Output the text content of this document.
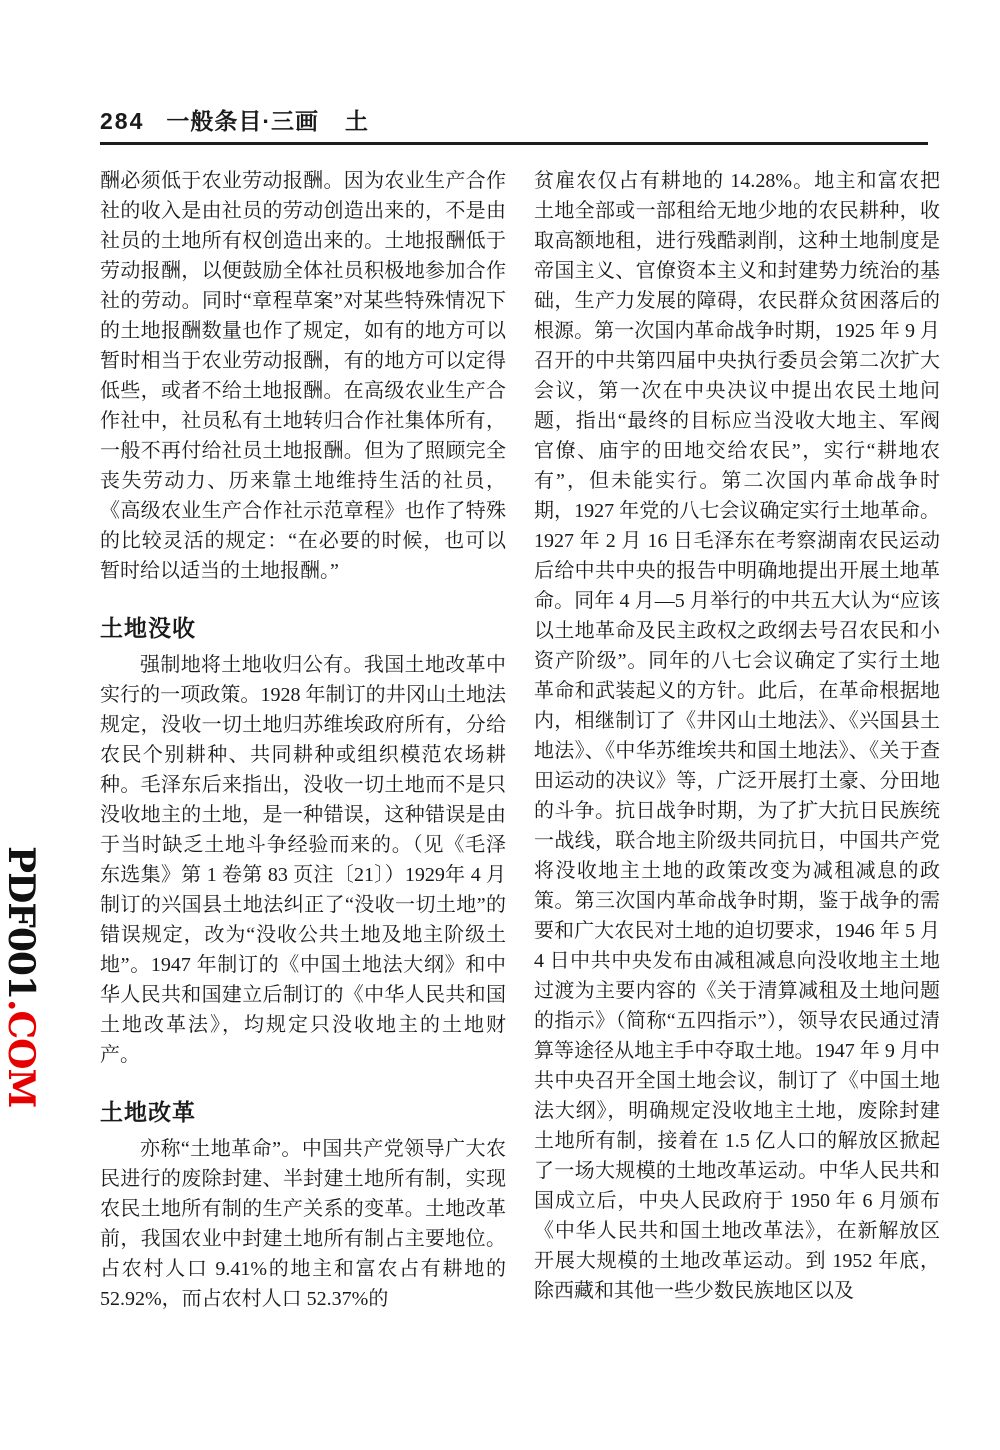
284 一般条目·三画 土

酬必须低于农业劳动报酬。因为农业生产合作社的收入是由社员的劳动创造出来的，不是由社员的土地所有权创造出来的。土地报酬低于劳动报酬，以便鼓励全体社员积极地参加合作社的劳动。同时“章程草案”对某些特殊情况下的土地报酬数量也作了规定，如有的地方可以暂时相当于农业劳动报酬，有的地方可以定得低些，或者不给土地报酬。在高级农业生产合作社中，社员私有土地转归合作社集体所有，一般不再付给社员土地报酬。但为了照顾完全丧失劳动力、历来靠土地维持生活的社员，《高级农业生产合作社示范章程》也作了特殊的比较灵活的规定：“在必要的时候，也可以暂时给以适当的土地报酬。”

土地没收

强制地将土地收归公有。我国土地改革中实行的一项政策。1928 年制订的井冈山土地法规定，没收一切土地归苏维埃政府所有，分给农民个别耕种、共同耕种或组织模范农场耕种。毛泽东后来指出，没收一切土地而不是只没收地主的土地，是一种错误，这种错误是由于当时缺乏土地斗争经验而来的。（见《毛泽东选集》第 1 卷第 83 页注〔21〕）1929年 4 月制订的兴国县土地法纠正了“没收一切土地”的错误规定，改为“没收公共土地及地主阶级土地”。1947 年制订的《中国土地法大纲》和中华人民共和国建立后制订的《中华人民共和国土地改革法》，均规定只没收地主的土地财产。

土地改革

亦称“土地革命”。中国共产党领导广大农民进行的废除封建、半封建土地所有制，实现农民土地所有制的生产关系的变革。土地改革前，我国农业中封建土地所有制占主要地位。占农村人口 9.41%的地主和富农占有耕地的 52.92%，而占农村人口 52.37%的

贫雇农仅占有耕地的 14.28%。地主和富农把土地全部或一部租给无地少地的农民耕种，收取高额地租，进行残酷剥削，这种土地制度是帝国主义、官僚资本主义和封建势力统治的基础，生产力发展的障碍，农民群众贫困落后的根源。第一次国内革命战争时期，1925 年 9 月召开的中共第四届中央执行委员会第二次扩大会议，第一次在中央决议中提出农民土地问题，指出“最终的目标应当没收大地主、军阀官僚、庙宇的田地交给农民”，实行“耕地农有”，但未能实行。第二次国内革命战争时期，1927 年党的八七会议确定实行土地革命。1927 年 2 月 16 日毛泽东在考察湖南农民运动后给中共中央的报告中明确地提出开展土地革命。同年 4 月—5 月举行的中共五大认为“应该以土地革命及民主政权之政纲去号召农民和小资产阶级”。同年的八七会议确定了实行土地革命和武装起义的方针。此后，在革命根据地内，相继制订了《井冈山土地法》、《兴国县土地法》、《中华苏维埃共和国土地法》、《关于查田运动的决议》等，广泛开展打土豪、分田地的斗争。抗日战争时期，为了扩大抗日民族统一战线，联合地主阶级共同抗日，中国共产党将没收地主土地的政策改变为减租减息的政策。第三次国内革命战争时期，鉴于战争的需要和广大农民对土地的迫切要求，1946 年 5 月 4 日中共中央发布由减租减息向没收地主土地过渡为主要内容的《关于清算减租及土地问题的指示》（简称“五四指示”），领导农民通过清算等途径从地主手中夺取土地。1947 年 9 月中共中央召开全国土地会议，制订了《中国土地法大纲》，明确规定没收地主土地，废除封建土地所有制，接着在 1.5 亿人口的解放区掀起了一场大规模的土地改革运动。中华人民共和国成立后，中央人民政府于 1950 年 6 月颁布《中华人民共和国土地改革法》，在新解放区开展大规模的土地改革运动。到 1952 年底，除西藏和其他一些少数民族地区以及

PDF001.COM
